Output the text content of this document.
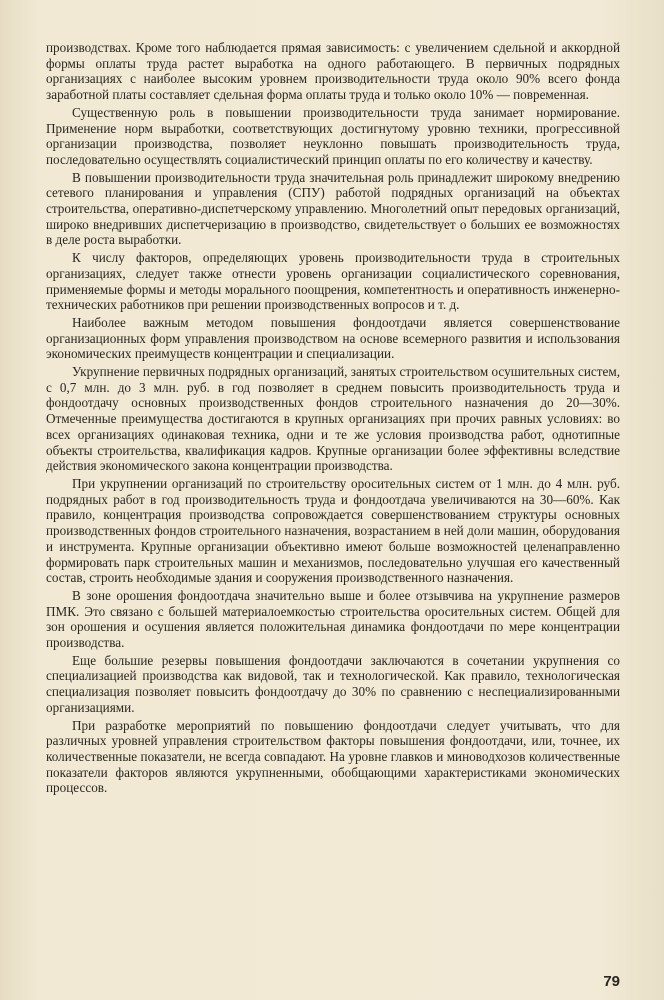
производствах. Кроме того наблюдается прямая зависимость: с увеличением сдельной и аккордной формы оплаты труда растет выработка на одного работающего. В первичных подрядных организациях с наиболее высоким уровнем производительности труда около 90% всего фонда заработной платы составляет сдельная форма оплаты труда и только около 10% — повременная.

Существенную роль в повышении производительности труда занимает нормирование. Применение норм выработки, соответствующих достигнутому уровню техники, прогрессивной организации производства, позволяет неуклонно повышать производительность труда, последовательно осуществлять социалистический принцип оплаты по его количеству и качеству.

В повышении производительности труда значительная роль принадлежит широкому внедрению сетевого планирования и управления (СПУ) работой подрядных организаций на объектах строительства, оперативно-диспетчерскому управлению. Многолетний опыт передовых организаций, широко внедривших диспетчеризацию в производство, свидетельствует о больших ее возможностях в деле роста выработки.

К числу факторов, определяющих уровень производительности труда в строительных организациях, следует также отнести уровень организации социалистического соревнования, применяемые формы и методы морального поощрения, компетентность и оперативность инженерно-технических работников при решении производственных вопросов и т. д.

Наиболее важным методом повышения фондоотдачи является совершенствование организационных форм управления производством на основе всемерного развития и использования экономических преимуществ концентрации и специализации.

Укрупнение первичных подрядных организаций, занятых строительством осушительных систем, с 0,7 млн. до 3 млн. руб. в год позволяет в среднем повысить производительность труда и фондоотдачу основных производственных фондов строительного назначения до 20—30%. Отмеченные преимущества достигаются в крупных организациях при прочих равных условиях: во всех организациях одинаковая техника, одни и те же условия производства работ, однотипные объекты строительства, квалификация кадров. Крупные организации более эффективны вследствие действия экономического закона концентрации производства.

При укрупнении организаций по строительству оросительных систем от 1 млн. до 4 млн. руб. подрядных работ в год производительность труда и фондоотдача увеличиваются на 30—60%. Как правило, концентрация производства сопровождается совершенствованием структуры основных производственных фондов строительного назначения, возрастанием в ней доли машин, оборудования и инструмента. Крупные организации объективно имеют больше возможностей целенаправленно формировать парк строительных машин и механизмов, последовательно улучшая его качественный состав, строить необходимые здания и сооружения производственного назначения.

В зоне орошения фондоотдача значительно выше и более отзывчива на укрупнение размеров ПМК. Это связано с большей материалоемкостью строительства оросительных систем. Общей для зон орошения и осушения является положительная динамика фондоотдачи по мере концентрации производства.

Еще большие резервы повышения фондоотдачи заключаются в сочетании укрупнения со специализацией производства как видовой, так и технологической. Как правило, технологическая специализация позволяет повысить фондоотдачу до 30% по сравнению с неспециализированными организациями.

При разработке мероприятий по повышению фондоотдачи следует учитывать, что для различных уровней управления строительством факторы повышения фондоотдачи, или, точнее, их количественные показатели, не всегда совпадают. На уровне главков и миноводхозов количественные показатели факторов являются укрупненными, обобщающими характеристиками экономических процессов.

79
